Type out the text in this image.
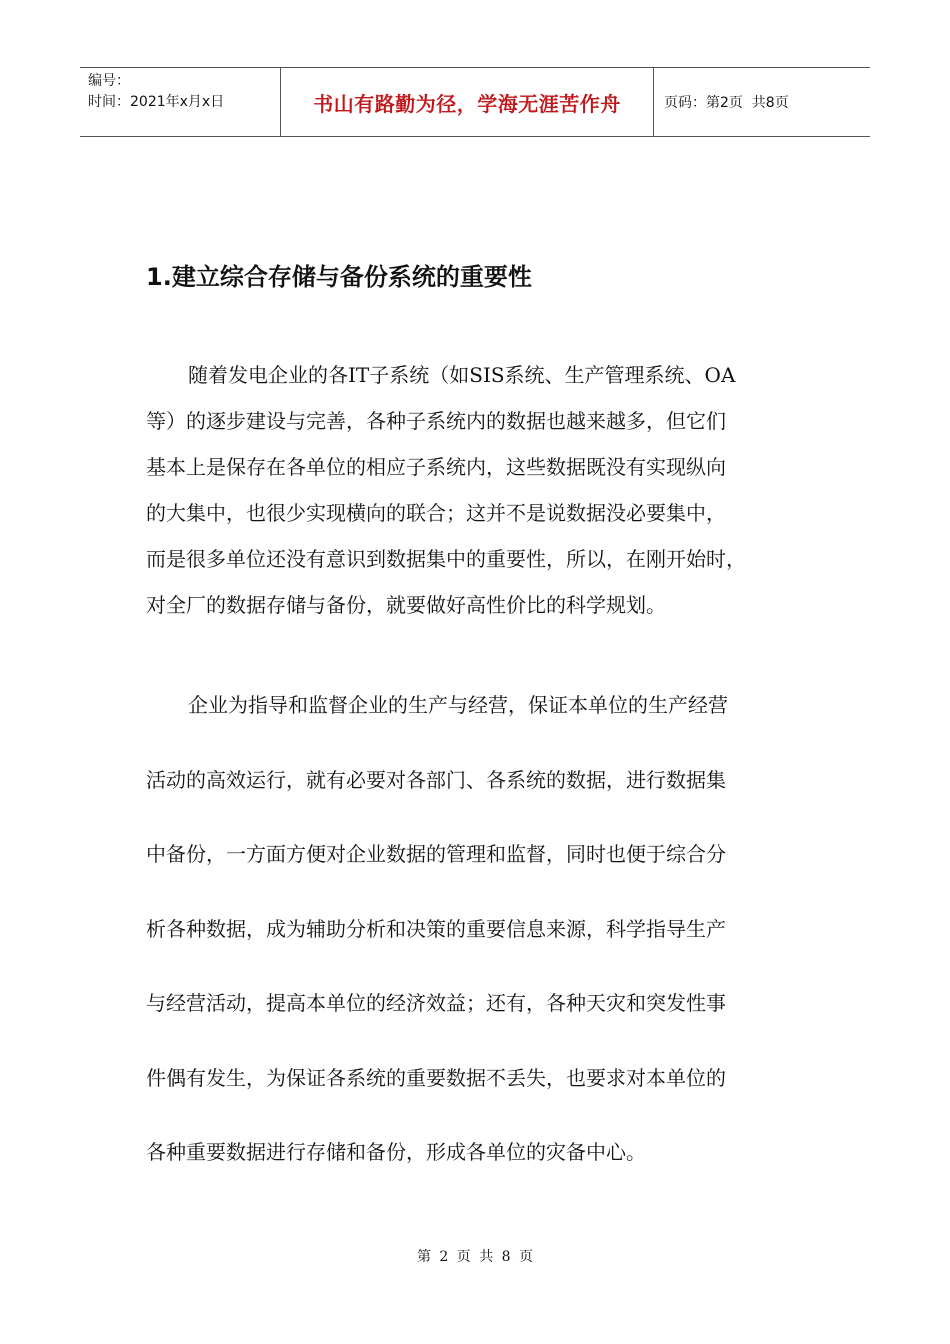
编号：
时间：2021年x月x日	书山有路勤为径，学海无涯苦作舟	页码：第2页  共8页
1.建立综合存储与备份系统的重要性
随着发电企业的各IT子系统（如SIS系统、生产管理系统、OA
等）的逐步建设与完善，各种子系统内的数据也越来越多，但它们
基本上是保存在各单位的相应子系统内，这些数据既没有实现纵向
的大集中，也很少实现横向的联合；这并不是说数据没必要集中，
而是很多单位还没有意识到数据集中的重要性，所以，在刚开始时，
对全厂的数据存储与备份，就要做好高性价比的科学规划。
企业为指导和监督企业的生产与经营，保证本单位的生产经营
活动的高效运行，就有必要对各部门、各系统的数据，进行数据集
中备份，一方面方便对企业数据的管理和监督，同时也便于综合分
析各种数据，成为辅助分析和决策的重要信息来源，科学指导生产
与经营活动，提高本单位的经济效益；还有，各种天灾和突发性事
件偶有发生，为保证各系统的重要数据不丢失，也要求对本单位的
各种重要数据进行存储和备份，形成各单位的灾备中心。
第 2 页 共 8 页
